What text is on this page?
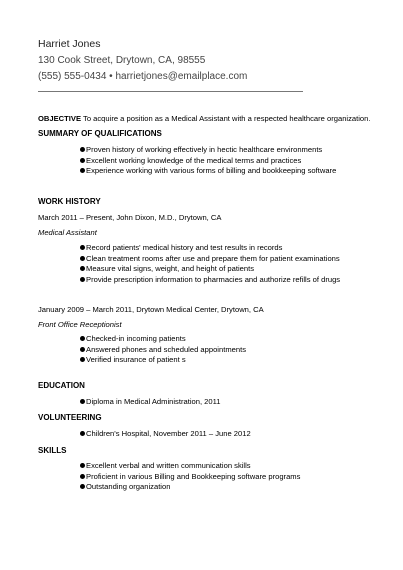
Harriet Jones
130 Cook Street, Drytown, CA, 98555
(555) 555-0434 • harrietjones@emailplace.com
OBJECTIVE To acquire a position as a Medical Assistant with a respected healthcare organization.
SUMMARY OF QUALIFICATIONS
Proven history of working effectively in hectic healthcare environments
Excellent working knowledge of the medical terms and practices
Experience working with various forms of billing and bookkeeping software
WORK HISTORY
March 2011 – Present, John Dixon, M.D., Drytown, CA
Medical Assistant
Record patients' medical history and test results in records
Clean treatment rooms after use and prepare them for patient examinations
Measure vital signs, weight, and height of patients
Provide prescription information to pharmacies and authorize refills of drugs
January 2009 – March 2011, Drytown Medical Center, Drytown, CA
Front Office Receptionist
Checked-in incoming patients
Answered phones and scheduled appointments
Verified insurance of patient s
EDUCATION
Diploma in Medical Administration, 2011
VOLUNTEERING
Children's Hospital, November 2011 – June 2012
SKILLS
Excellent verbal and written communication skills
Proficient in various Billing and Bookkeeping software programs
Outstanding organization
